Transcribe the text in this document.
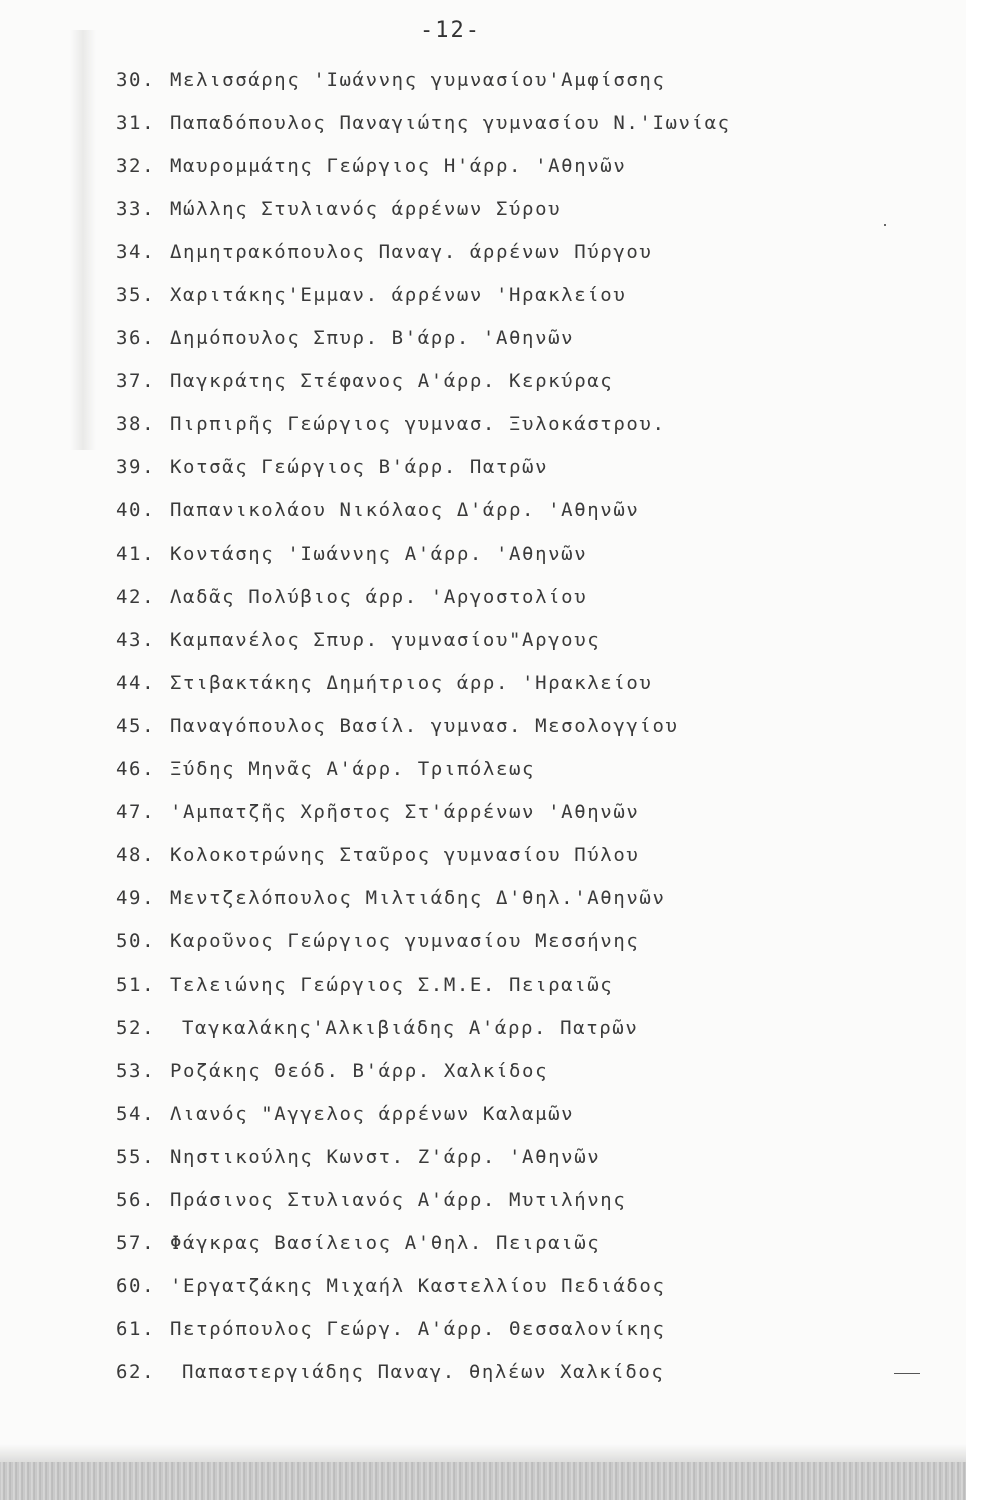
-12-
30. Μελισσάρης 'Ιωάννης γυμνασίου'Αμφίσσης
31. Παπαδόπουλος Παναγιώτης γυμνασίου Ν.'Ιωνίας
32. Μαυρομμάτης Γεώργιος Η'άρρ. 'Αθηνῶν
33. Μώλλης Στυλιανός άρρένων Σύρου
34. Δημητρακόπουλος Παναγ. άρρένων Πύργου
35. Χαριτάκης'Εμμαν. άρρένων 'Ηρακλείου
36. Δημόπουλος Σπυρ. Β'άρρ. 'Αθηνῶν
37. Παγκράτης Στέφανος Α'άρρ. Κερκύρας
38. Πιρπιρῆς Γεώργιος γυμνασ. Ξυλοκάστρου.
39. Κοτσᾶς Γεώργιος Β'άρρ. Πατρῶν
40. Παπανικολάου Νικόλαος Δ'άρρ. 'Αθηνῶν
41. Κοντάσης 'Ιωάννης Α'άρρ. 'Αθηνῶν
42. Λαδᾶς Πολύβιος άρρ. 'Αργοστολίου
43. Καμπανέλος Σπυρ. γυμνασίου"Αργους
44. Στιβακτάκης Δημήτριος άρρ. 'Ηρακλείου
45. Παναγόπουλος Βασίλ. γυμνασ. Μεσολογγίου
46. Ξύδης Μηνᾶς Α'άρρ. Τριπόλεως
47. 'Αμπατζῆς Χρῆστος Στ'άρρένων 'Αθηνῶν
48. Κολοκοτρώνης Σταῦρος γυμνασίου Πύλου
49. Μεντζελόπουλος Μιλτιάδης Δ'θηλ.'Αθηνῶν
50. Καροῦνος Γεώργιος γυμνασίου Μεσσήνης
51. Τελειώνης Γεώργιος Σ.Μ.Ε. Πειραιῶς
52.	Ταγκαλάκης'Αλκιβιάδης Α'άρρ. Πατρῶν
53. Ροζάκης Θεόδ. Β'άρρ. Χαλκίδος
54. Λιανός "Αγγελος άρρένων Καλαμῶν
55. Νηστικούλης Κωνστ. Ζ'άρρ. 'Αθηνῶν
56. Πράσινος Στυλιανός Α'άρρ. Μυτιλήνης
57. Φάγκρας Βασίλειος Α'θηλ. Πειραιῶς
60. 'Εργατζάκης Μιχαήλ Καστελλίου Πεδιάδος
61. Πετρόπουλος Γεώργ. Α'άρρ. Θεσσαλονίκης
62.	Παπαστεργιάδης Παναγ. θηλέων Χαλκίδος
